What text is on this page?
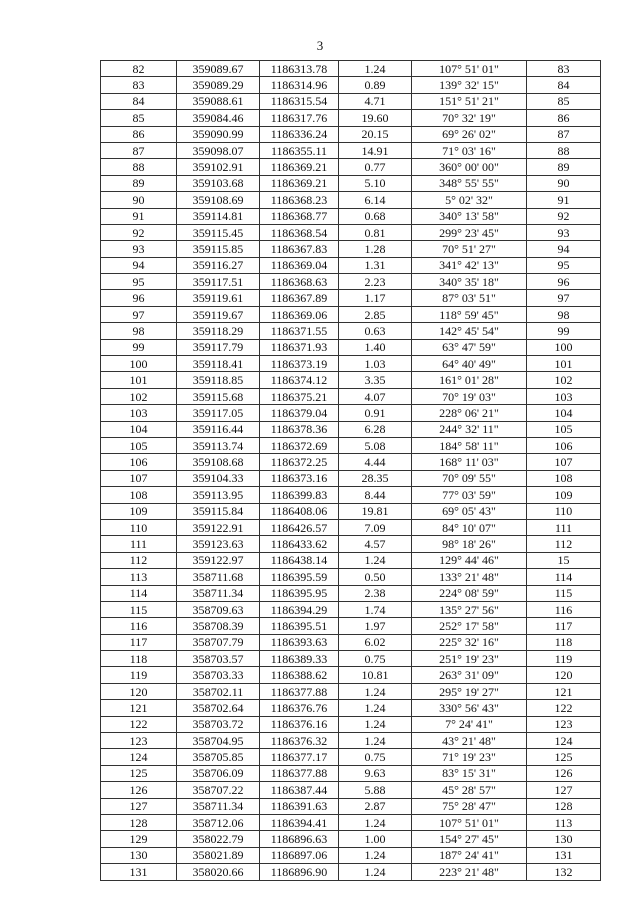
3
82	359089.67	1186313.78	1.24	107° 51' 01"	83
83	359089.29	1186314.96	0.89	139° 32' 15"	84
84	359088.61	1186315.54	4.71	151° 51' 21"	85
85	359084.46	1186317.76	19.60	70° 32' 19"	86
86	359090.99	1186336.24	20.15	69° 26' 02"	87
87	359098.07	1186355.11	14.91	71° 03' 16"	88
88	359102.91	1186369.21	0.77	360° 00' 00"	89
89	359103.68	1186369.21	5.10	348° 55' 55"	90
90	359108.69	1186368.23	6.14	5° 02' 32"	91
91	359114.81	1186368.77	0.68	340° 13' 58"	92
92	359115.45	1186368.54	0.81	299° 23' 45"	93
93	359115.85	1186367.83	1.28	70° 51' 27"	94
94	359116.27	1186369.04	1.31	341° 42' 13"	95
95	359117.51	1186368.63	2.23	340° 35' 18"	96
96	359119.61	1186367.89	1.17	87° 03' 51"	97
97	359119.67	1186369.06	2.85	118° 59' 45"	98
98	359118.29	1186371.55	0.63	142° 45' 54"	99
99	359117.79	1186371.93	1.40	63° 47' 59"	100
100	359118.41	1186373.19	1.03	64° 40' 49"	101
101	359118.85	1186374.12	3.35	161° 01' 28"	102
102	359115.68	1186375.21	4.07	70° 19' 03"	103
103	359117.05	1186379.04	0.91	228° 06' 21"	104
104	359116.44	1186378.36	6.28	244° 32' 11"	105
105	359113.74	1186372.69	5.08	184° 58' 11"	106
106	359108.68	1186372.25	4.44	168° 11' 03"	107
107	359104.33	1186373.16	28.35	70° 09' 55"	108
108	359113.95	1186399.83	8.44	77° 03' 59"	109
109	359115.84	1186408.06	19.81	69° 05' 43"	110
110	359122.91	1186426.57	7.09	84° 10' 07"	111
111	359123.63	1186433.62	4.57	98° 18' 26"	112
112	359122.97	1186438.14	1.24	129° 44' 46"	15
113	358711.68	1186395.59	0.50	133° 21' 48"	114
114	358711.34	1186395.95	2.38	224° 08' 59"	115
115	358709.63	1186394.29	1.74	135° 27' 56"	116
116	358708.39	1186395.51	1.97	252° 17' 58"	117
117	358707.79	1186393.63	6.02	225° 32' 16"	118
118	358703.57	1186389.33	0.75	251° 19' 23"	119
119	358703.33	1186388.62	10.81	263° 31' 09"	120
120	358702.11	1186377.88	1.24	295° 19' 27"	121
121	358702.64	1186376.76	1.24	330° 56' 43"	122
122	358703.72	1186376.16	1.24	7° 24' 41"	123
123	358704.95	1186376.32	1.24	43° 21' 48"	124
124	358705.85	1186377.17	0.75	71° 19' 23"	125
125	358706.09	1186377.88	9.63	83° 15' 31"	126
126	358707.22	1186387.44	5.88	45° 28' 57"	127
127	358711.34	1186391.63	2.87	75° 28' 47"	128
128	358712.06	1186394.41	1.24	107° 51' 01"	113
129	358022.79	1186896.63	1.00	154° 27' 45"	130
130	358021.89	1186897.06	1.24	187° 24' 41"	131
131	358020.66	1186896.90	1.24	223° 21' 48"	132
